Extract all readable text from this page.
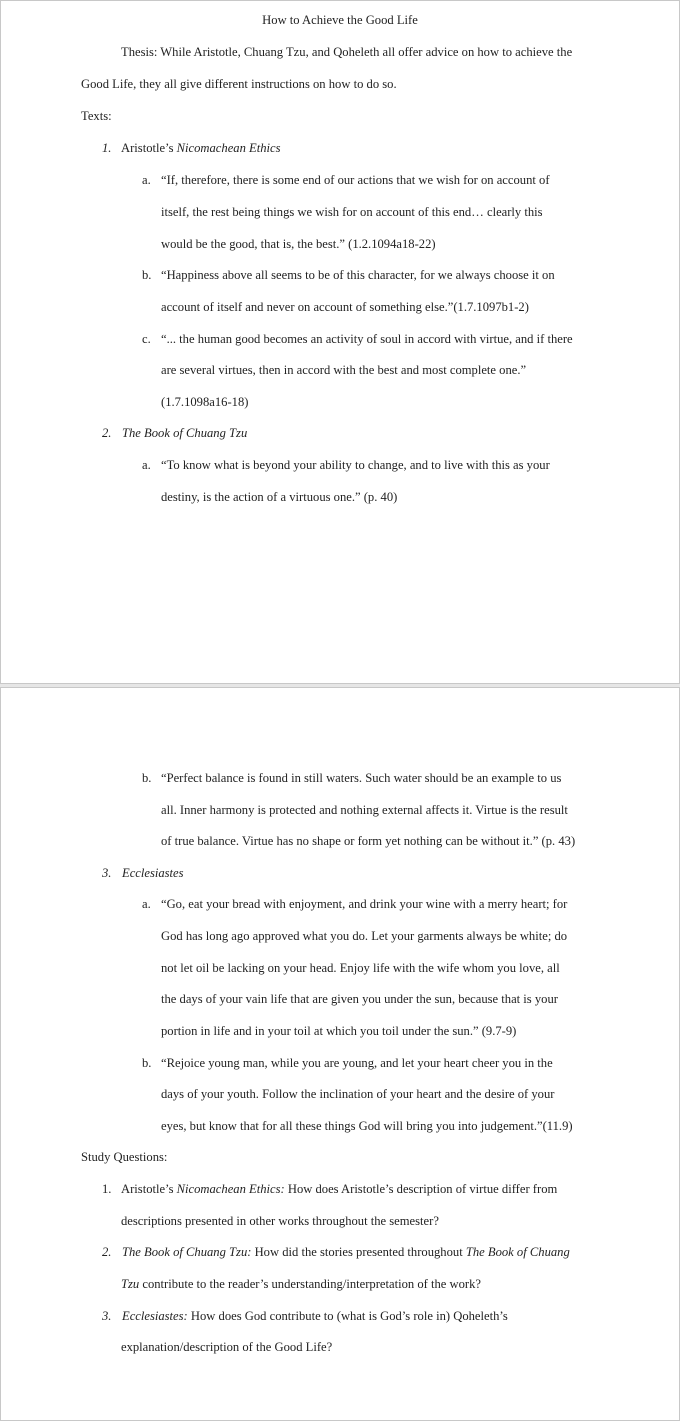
How to Achieve the Good Life
Thesis: While Aristotle, Chuang Tzu, and Qoheleth all offer advice on how to achieve the
Good Life, they all give different instructions on how to do so.
Texts:
1. Aristotle’s Nicomachean Ethics
a. “If, therefore, there is some end of our actions that we wish for on account of
itself, the rest being things we wish for on account of this end… clearly this
would be the good, that is, the best.” (1.2.1094a18-22)
b. “Happiness above all seems to be of this character, for we always choose it on
account of itself and never on account of something else.”(1.7.1097b1-2)
c. “... the human good becomes an activity of soul in accord with virtue, and if there
are several virtues, then in accord with the best and most complete one.”
(1.7.1098a16-18)
2. The Book of Chuang Tzu
a. “To know what is beyond your ability to change, and to live with this as your
destiny, is the action of a virtuous one.” (p. 40)
b. “Perfect balance is found in still waters. Such water should be an example to us
all. Inner harmony is protected and nothing external affects it. Virtue is the result
of true balance. Virtue has no shape or form yet nothing can be without it.” (p. 43)
3. Ecclesiastes
a. “Go, eat your bread with enjoyment, and drink your wine with a merry heart; for
God has long ago approved what you do. Let your garments always be white; do
not let oil be lacking on your head. Enjoy life with the wife whom you love, all
the days of your vain life that are given you under the sun, because that is your
portion in life and in your toil at which you toil under the sun.” (9.7-9)
b. “Rejoice young man, while you are young, and let your heart cheer you in the
days of your youth. Follow the inclination of your heart and the desire of your
eyes, but know that for all these things God will bring you into judgement.”(11.9)
Study Questions:
1. Aristotle’s Nicomachean Ethics: How does Aristotle’s description of virtue differ from
descriptions presented in other works throughout the semester?
2. The Book of Chuang Tzu: How did the stories presented throughout The Book of Chuang
Tzu contribute to the reader’s understanding/interpretation of the work?
3. Ecclesiastes: How does God contribute to (what is God’s role in) Qoheleth’s
explanation/description of the Good Life?
